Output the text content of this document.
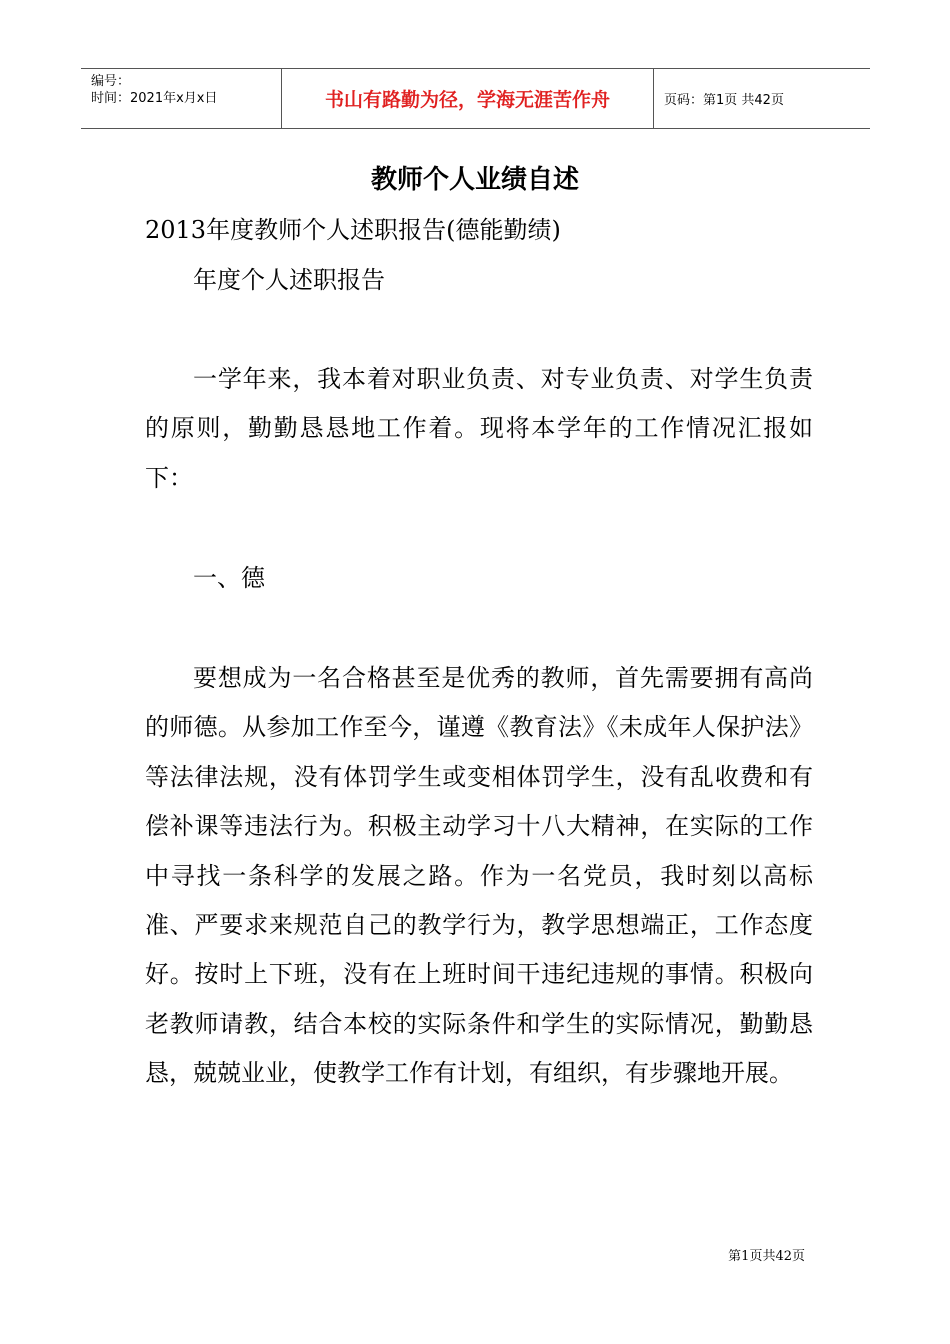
编号：
时间：2021年x月x日	书山有路勤为径，学海无涯苦作舟	页码：第1页 共42页
教师个人业绩自述
2013年度教师个人述职报告(德能勤绩)
年度个人述职报告
一学年来，我本着对职业负责、对专业负责、对学生负责的原则，勤勤恳恳地工作着。现将本学年的工作情况汇报如下：
一、德
要想成为一名合格甚至是优秀的教师，首先需要拥有高尚的师德。从参加工作至今，谨遵《教育法》《未成年人保护法》等法律法规，没有体罚学生或变相体罚学生，没有乱收费和有偿补课等违法行为。积极主动学习十八大精神，在实际的工作中寻找一条科学的发展之路。作为一名党员，我时刻以高标准、严要求来规范自己的教学行为，教学思想端正，工作态度好。按时上下班，没有在上班时间干违纪违规的事情。积极向老教师请教，结合本校的实际条件和学生的实际情况，勤勤恳恳，兢兢业业，使教学工作有计划，有组织，有步骤地开展。
第1页共42页
